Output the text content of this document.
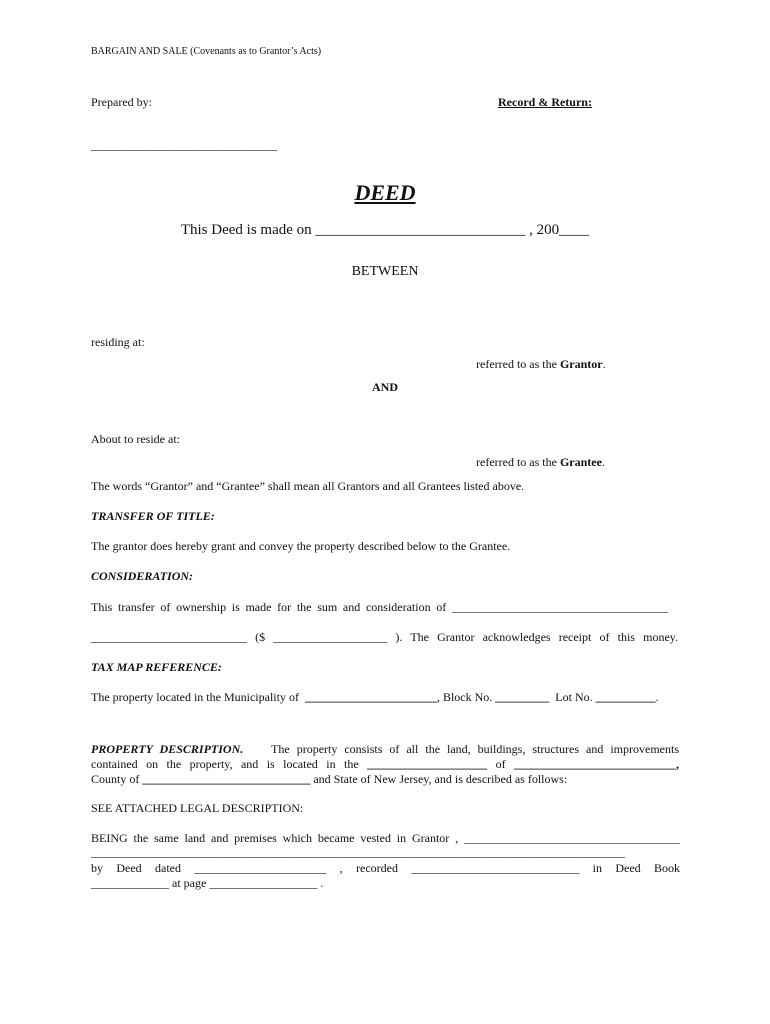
BARGAIN AND SALE (Covenants as to Grantor’s Acts)
Prepared by:	Record & Return:
_______________________________
DEED
This Deed is made on ____________________________ , 200____
BETWEEN
residing at:
referred to as the Grantor.
AND
About to reside at:
referred to as the Grantee.
The words “Grantor” and “Grantee” shall mean all Grantors and all Grantees listed above.
TRANSFER OF TITLE:
The grantor does hereby grant and convey the property described below to the Grantee.
CONSIDERATION:
This transfer of ownership is made for the sum and consideration of ____________________________________
__________________________ ($ ___________________ ). The Grantor acknowledges receipt of this money.
TAX MAP REFERENCE:
The property located in the Municipality of ______________________, Block No. _________ Lot No. __________.
PROPERTY DESCRIPTION. The property consists of all the land, buildings, structures and improvements
contained on the property, and is located in the ____________________ of ___________________________,
County of ____________________________ and State of New Jersey, and is described as follows:
SEE ATTACHED LEGAL DESCRIPTION:
BEING the same land and premises which became vested in Grantor , ____________________________________
_________________________________________________________________________________________
by Deed dated ______________________ , recorded ____________________________ in Deed Book
_____________ at page __________________ .
